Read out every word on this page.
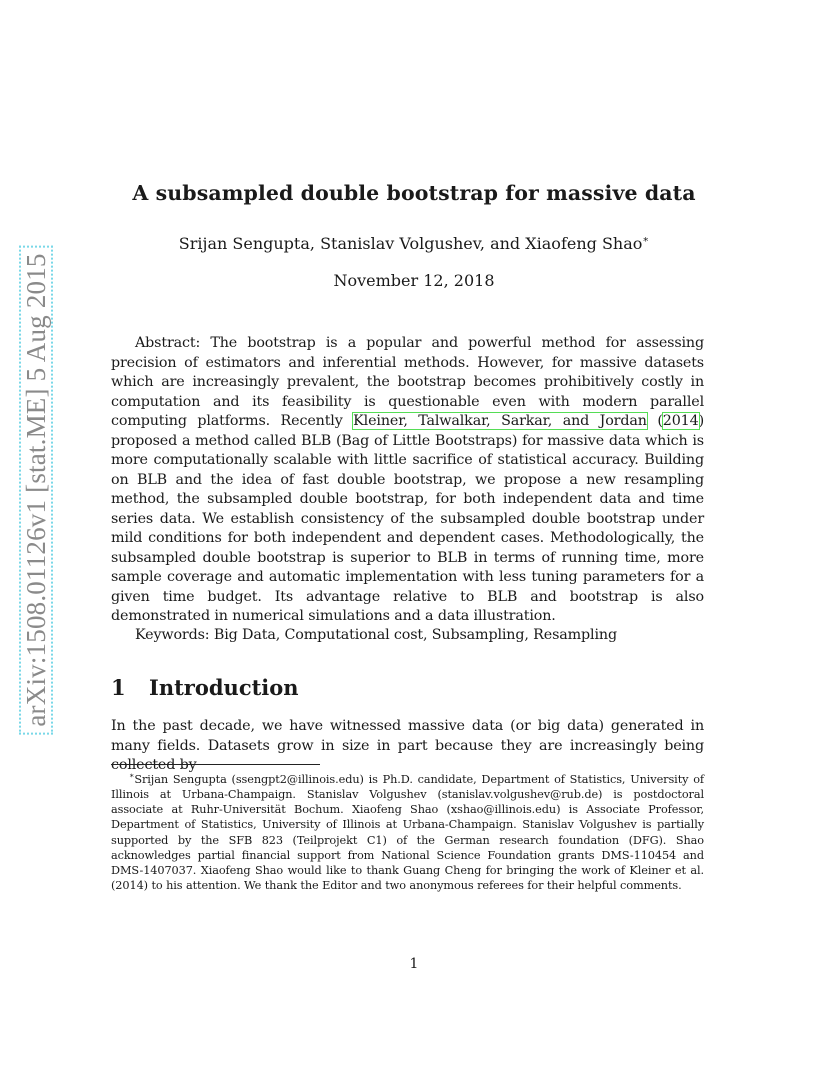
arXiv:1508.01126v1 [stat.ME] 5 Aug 2015
A subsampled double bootstrap for massive data
Srijan Sengupta, Stanislav Volgushev, and Xiaofeng Shao∗
November 12, 2018

Abstract: The bootstrap is a popular and powerful method for assessing precision of estimators and inferential methods. However, for massive datasets which are increasingly prevalent, the bootstrap becomes prohibitively costly in computation and its feasibility is questionable even with modern parallel computing platforms. Recently Kleiner, Talwalkar, Sarkar, and Jordan (2014) proposed a method called BLB (Bag of Little Bootstraps) for massive data which is more computationally scalable with little sacrifice of statistical accuracy. Building on BLB and the idea of fast double bootstrap, we propose a new resampling method, the subsampled double bootstrap, for both independent data and time series data. We establish consistency of the subsampled double bootstrap under mild conditions for both independent and dependent cases. Methodologically, the subsampled double bootstrap is superior to BLB in terms of running time, more sample coverage and automatic implementation with less tuning parameters for a given time budget. Its advantage relative to BLB and bootstrap is also demonstrated in numerical simulations and a data illustration.

Keywords: Big Data, Computational cost, Subsampling, Resampling
1 Introduction

In the past decade, we have witnessed massive data (or big data) generated in many fields. Datasets grow in size in part because they are increasingly being collected by

∗Srijan Sengupta (ssengpt2@illinois.edu) is Ph.D. candidate, Department of Statistics, University of Illinois at Urbana-Champaign. Stanislav Volgushev (stanislav.volgushev@rub.de) is postdoctoral associate at Ruhr-Universität Bochum. Xiaofeng Shao (xshao@illinois.edu) is Associate Professor, Department of Statistics, University of Illinois at Urbana-Champaign. Stanislav Volgushev is partially supported by the SFB 823 (Teilprojekt C1) of the German research foundation (DFG). Shao acknowledges partial financial support from National Science Foundation grants DMS-110454 and DMS-1407037. Xiaofeng Shao would like to thank Guang Cheng for bringing the work of Kleiner et al. (2014) to his attention. We thank the Editor and two anonymous referees for their helpful comments.

1
